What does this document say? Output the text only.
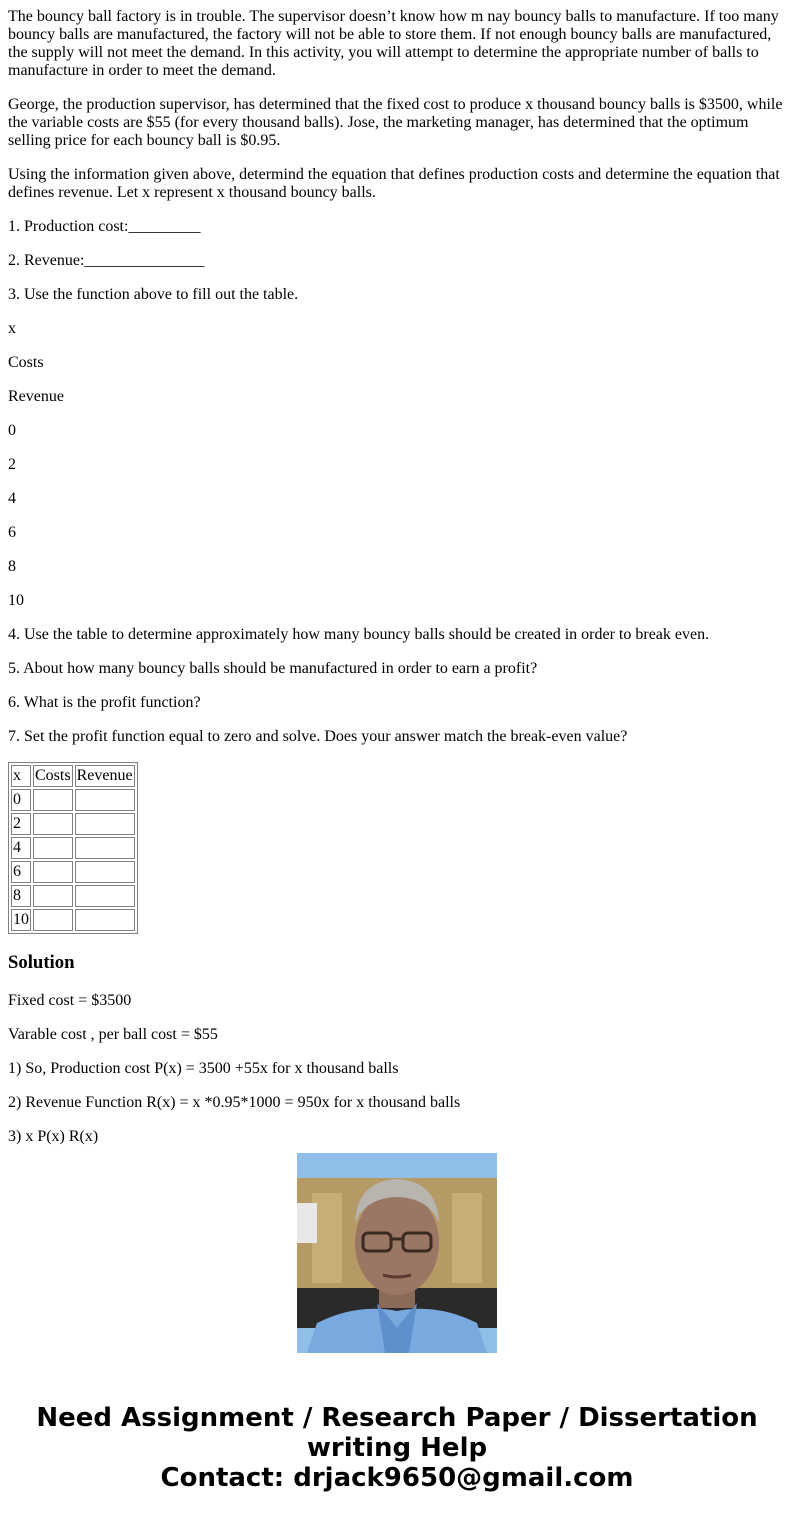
The bouncy ball factory is in trouble. The supervisor doesn’t know how m nay bouncy balls to manufacture. If too many bouncy balls are manufactured, the factory will not be able to store them. If not enough bouncy balls are manufactured, the supply will not meet the demand. In this activity, you will attempt to determine the appropriate number of balls to manufacture in order to meet the demand.

George, the production supervisor, has determined that the fixed cost to produce x thousand bouncy balls is $3500, while the variable costs are $55 (for every thousand balls). Jose, the marketing manager, has determined that the optimum selling price for each bouncy ball is $0.95.

Using the information given above, determind the equation that defines production costs and determine the equation that defines revenue. Let x represent x thousand bouncy balls.

1. Production cost:_________

2. Revenue:_______________

3. Use the function above to fill out the table.

x

Costs

Revenue

0

2

4

6

8

10

4. Use the table to determine approximately how many bouncy balls should be created in order to break even.

5. About how many bouncy balls should be manufactured in order to earn a profit?

6. What is the profit function?

7. Set the profit function equal to zero and solve. Does your answer match the break-even value?

x	Costs	Revenue
0		
2		
4		
6		
8		
10		
Solution

Fixed cost = $3500

Varable cost , per ball cost = $55

1) So, Production cost P(x) = 3500 +55x for x thousand balls

2) Revenue Function R(x) = x *0.95*1000 = 950x for x thousand balls

3) x P(x) R(x)

Need Assignment / Research Paper / Dissertation
writing Help
Contact: drjack9650@gmail.com
